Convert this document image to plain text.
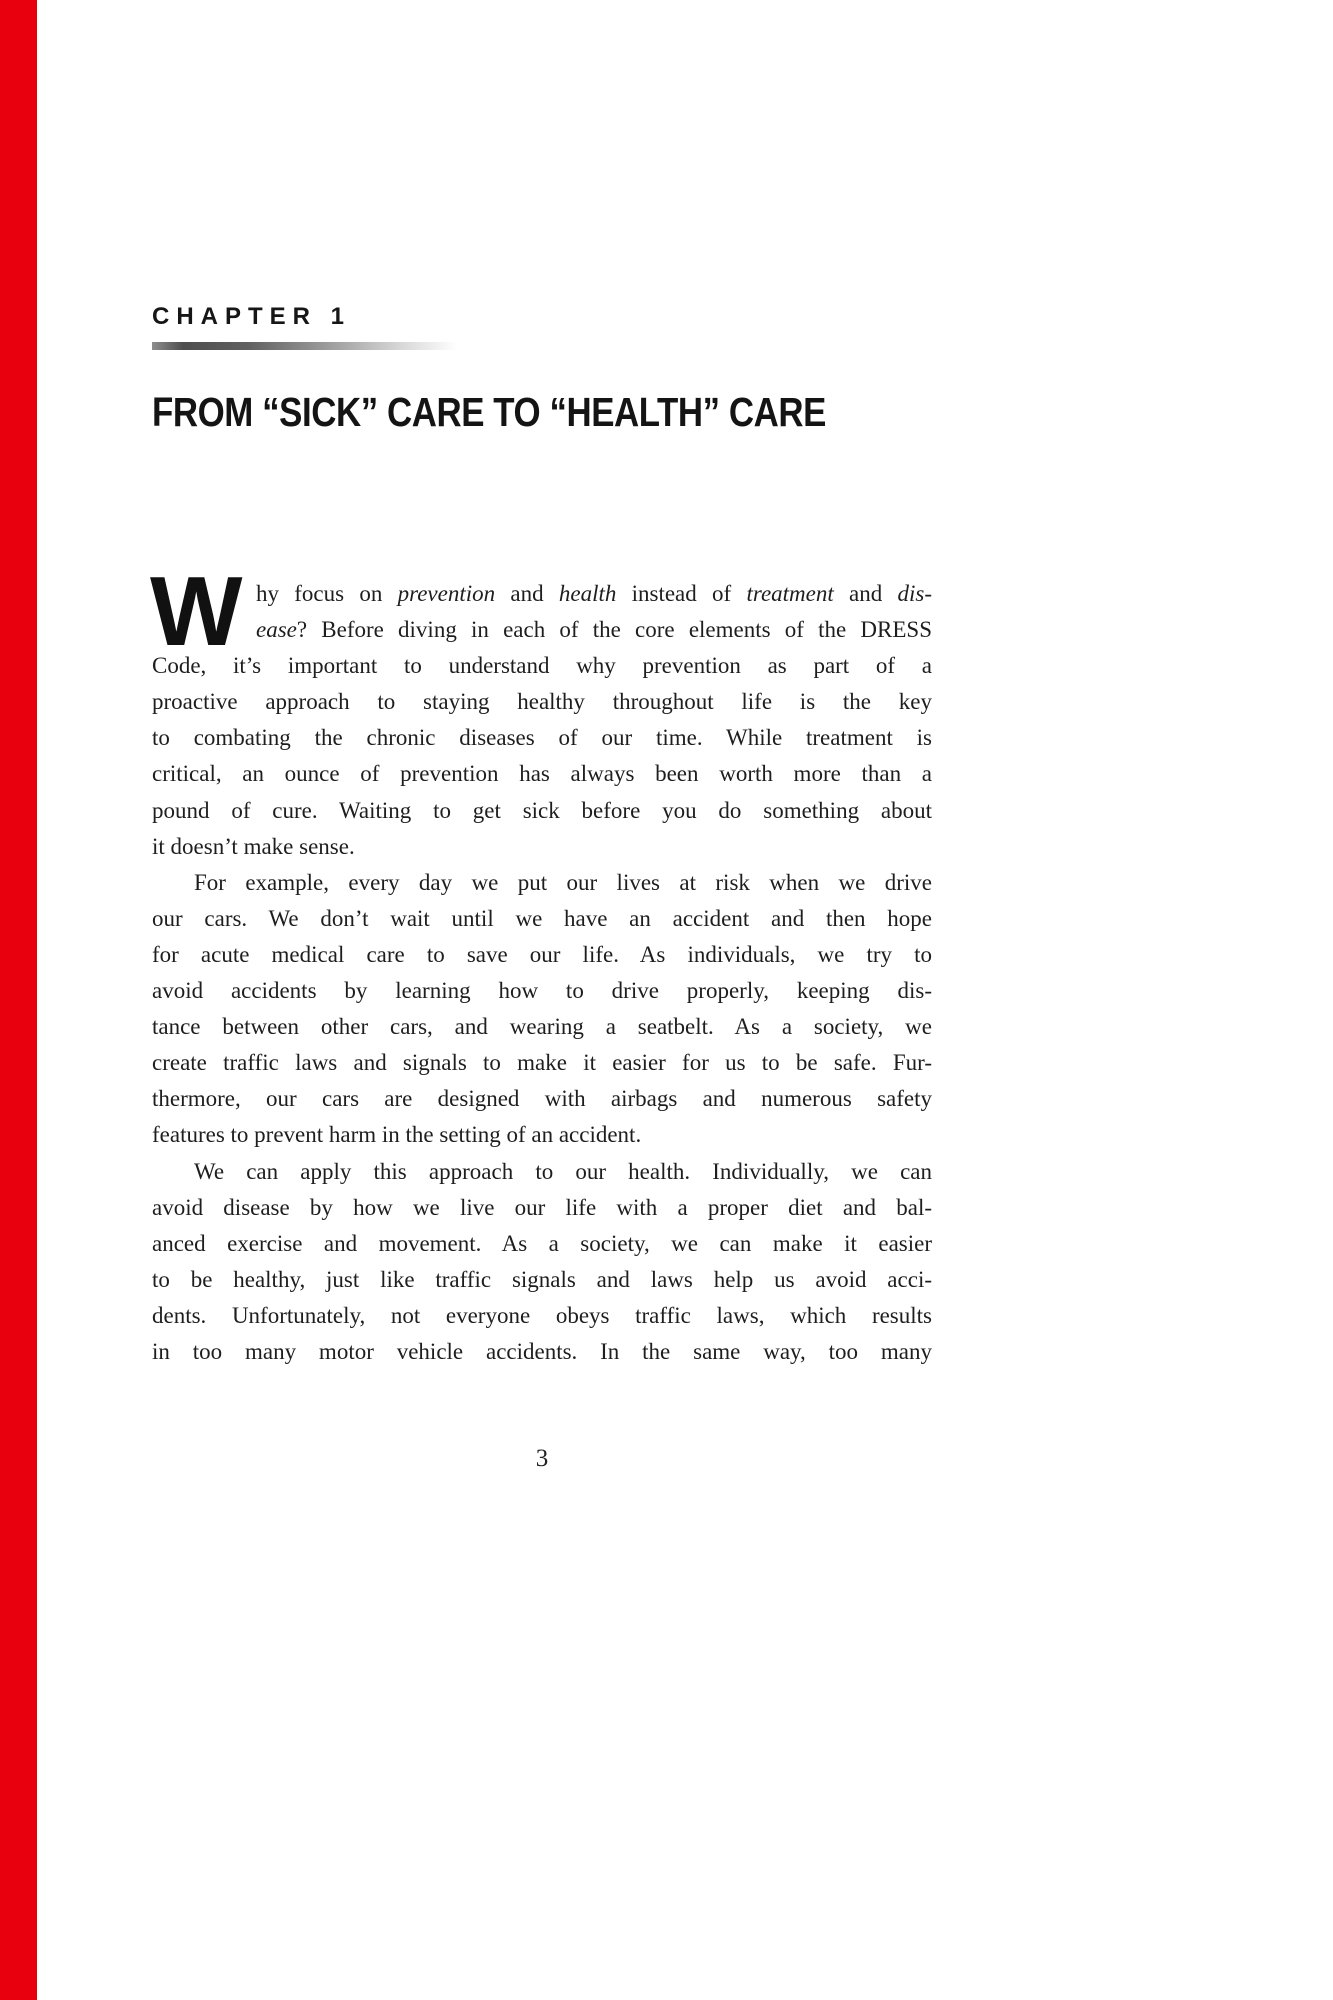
CHAPTER 1
FROM “SICK” CARE TO “HEALTH” CARE
W hy focus on prevention and health instead of treatment and dis-
ease? Before diving in each of the core elements of the DRESS
Code, it’s important to understand why prevention as part of a
proactive approach to staying healthy throughout life is the key
to combating the chronic diseases of our time. While treatment is
critical, an ounce of prevention has always been worth more than a
pound of cure. Waiting to get sick before you do something about
it doesn’t make sense.
For example, every day we put our lives at risk when we drive
our cars. We don’t wait until we have an accident and then hope
for acute medical care to save our life. As individuals, we try to
avoid accidents by learning how to drive properly, keeping dis-
tance between other cars, and wearing a seatbelt. As a society, we
create traffic laws and signals to make it easier for us to be safe. Fur-
thermore, our cars are designed with airbags and numerous safety
features to prevent harm in the setting of an accident.
We can apply this approach to our health. Individually, we can
avoid disease by how we live our life with a proper diet and bal-
anced exercise and movement. As a society, we can make it easier
to be healthy, just like traffic signals and laws help us avoid acci-
dents. Unfortunately, not everyone obeys traffic laws, which results
in too many motor vehicle accidents. In the same way, too many
3
